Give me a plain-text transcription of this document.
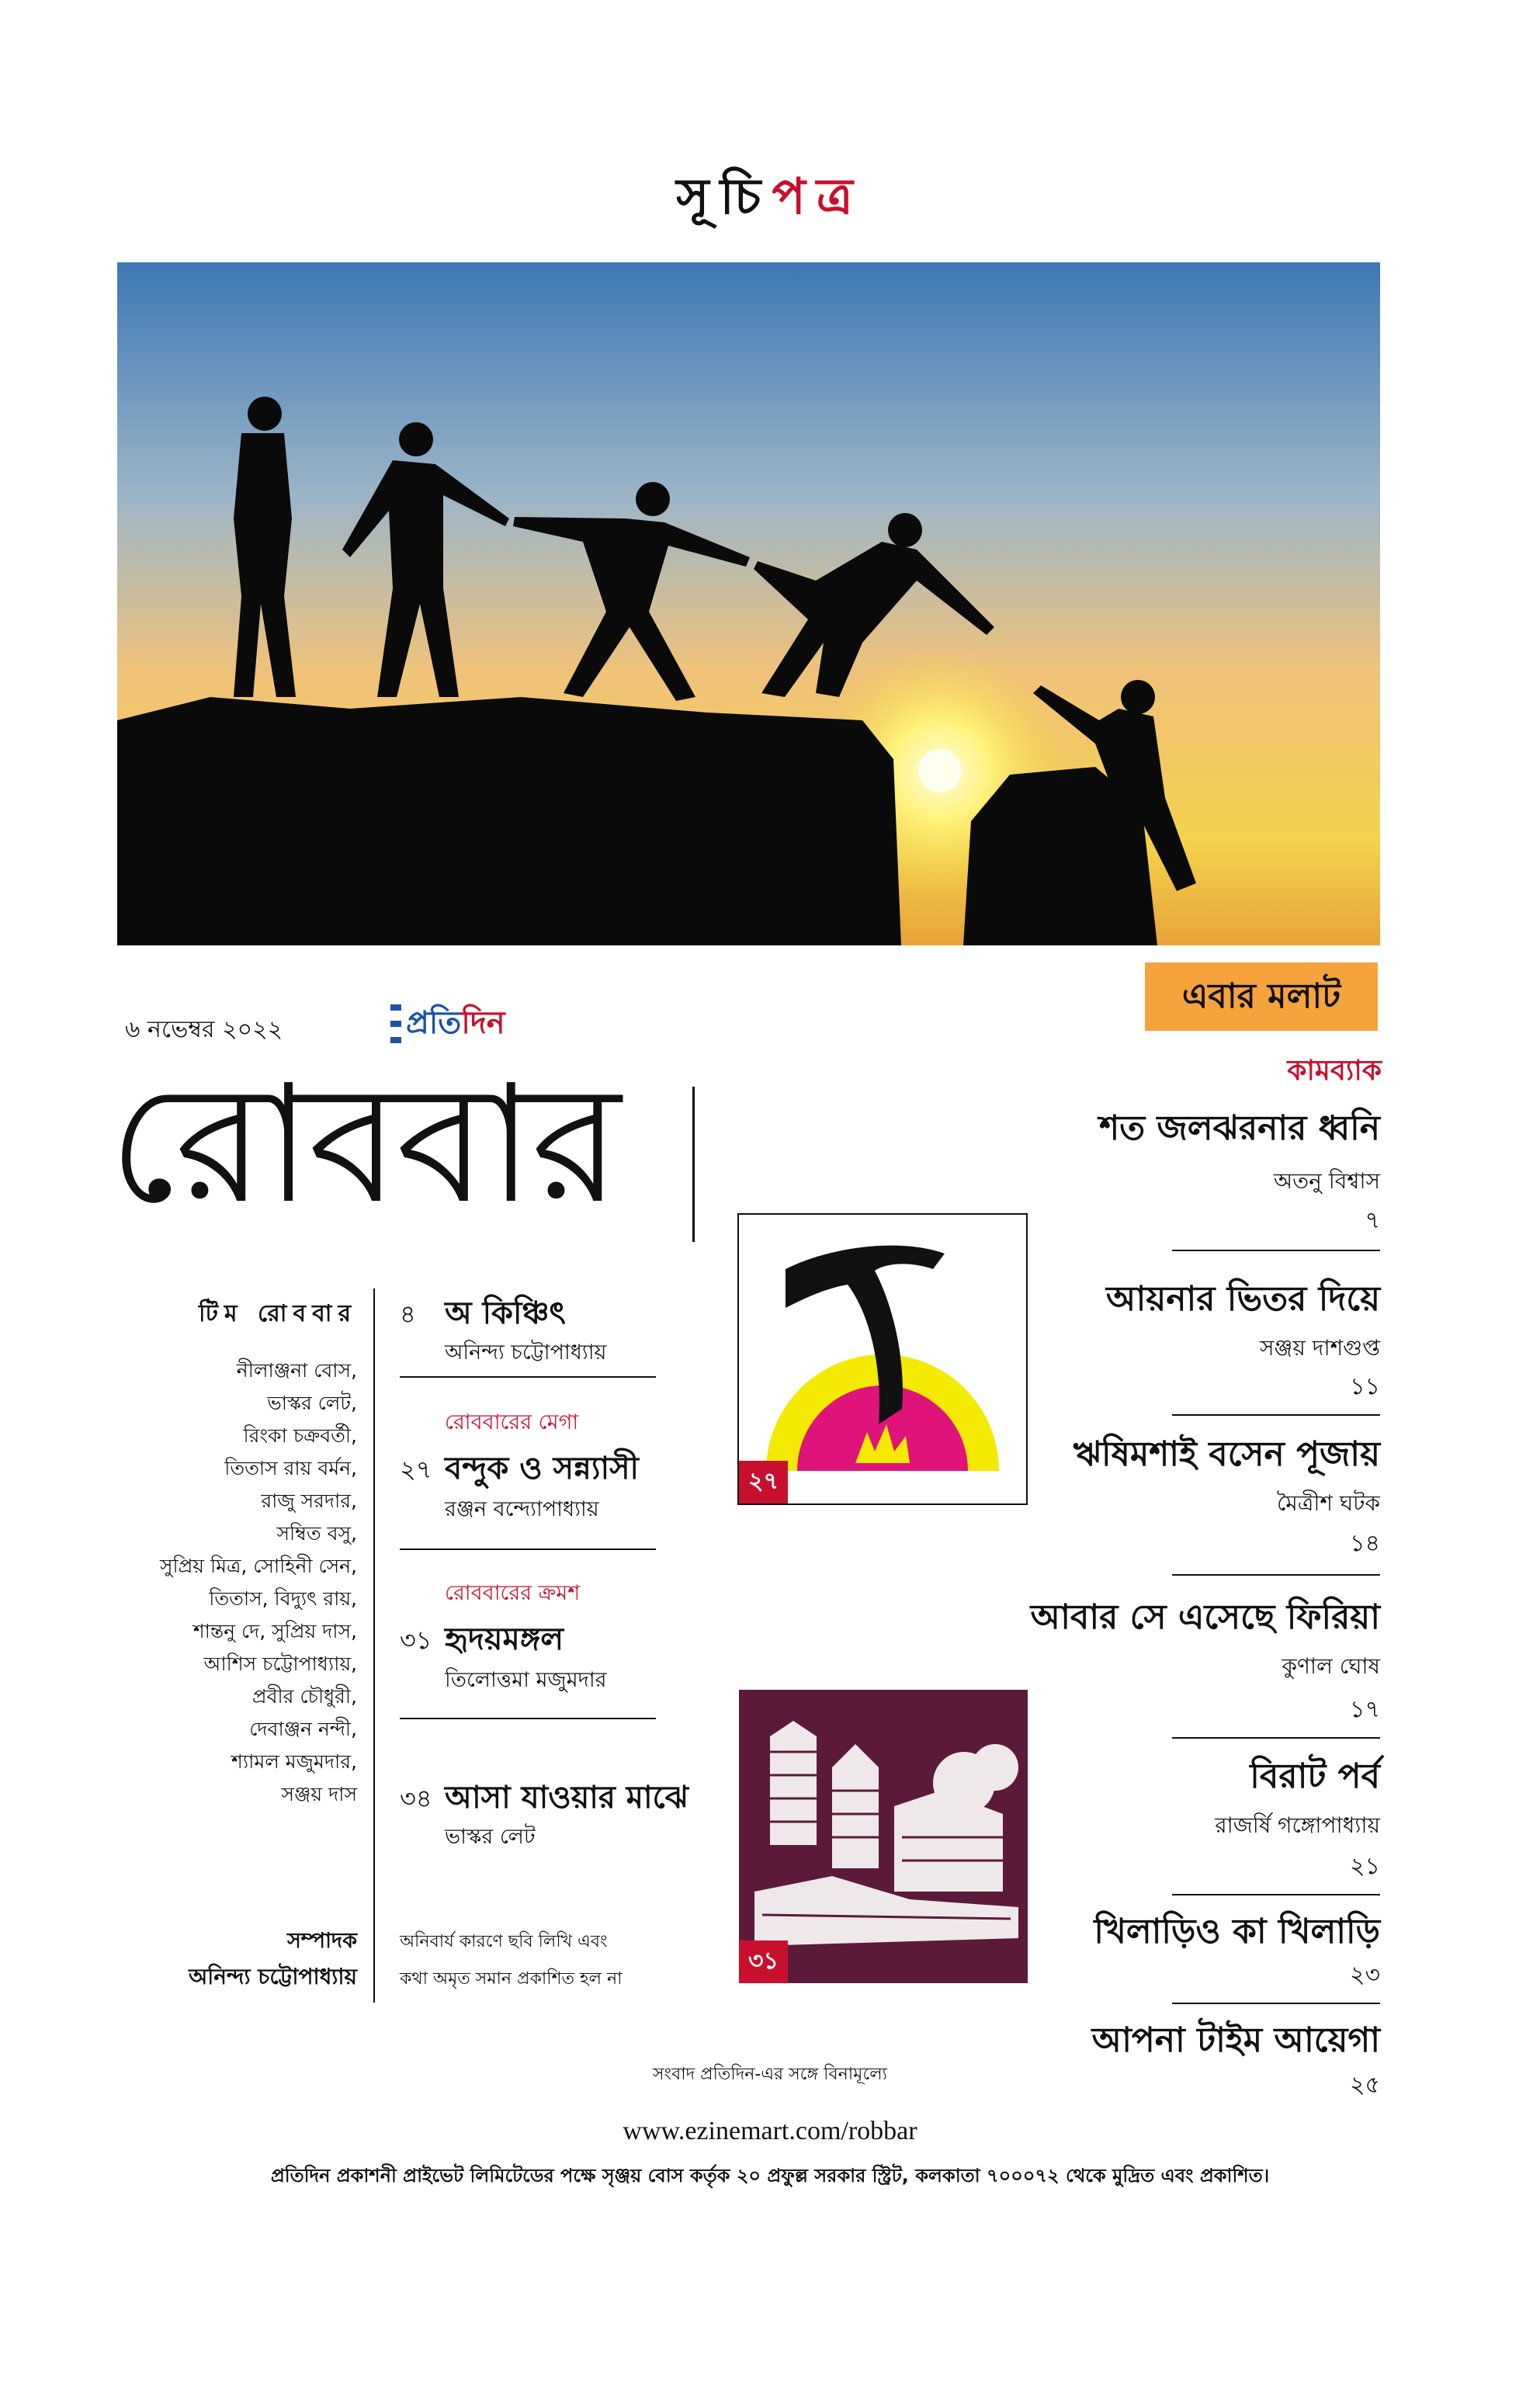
সূচিপত্র
৬ নভেম্বর ২০২২	প্রতিদিন
রোববার
টিম রোববার
নীলাঞ্জনা বোস,
ভাস্কর লেট,
রিংকা চক্রবর্তী,
তিতাস রায় বর্মন,
রাজু সরদার,
সম্বিত বসু,
সুপ্রিয় মিত্র, সোহিনী সেন,
তিতাস, বিদ্যুৎ রায়,
শান্তনু দে, সুপ্রিয় দাস,
আশিস চট্টোপাধ্যায়,
প্রবীর চৌধুরী,
দেবাঞ্জন নন্দী,
শ্যামল মজুমদার,
সঞ্জয় দাস
সম্পাদক
অনিন্দ্য চট্টোপাধ্যায়
৪ অ কিঞ্চিৎ
অনিন্দ্য চট্টোপাধ্যায়
রোববারের মেগা
২৭ বন্দুক ও সন্ন্যাসী
রঞ্জন বন্দ্যোপাধ্যায়
রোববারের ক্রমশ
৩১ হৃদয়মঙ্গল
তিলোত্তমা মজুমদার
৩৪ আসা যাওয়ার মাঝে
ভাস্কর লেট
অনিবার্য কারণে ছবি লিখি এবং
কথা অমৃত সমান প্রকাশিত হল না
২৭
৩১
এবার মলাট
কামব্যাক
শত জলঝরনার ধ্বনি
অতনু বিশ্বাস
৭
আয়নার ভিতর দিয়ে
সঞ্জয় দাশগুপ্ত
১১
ঋষিমশাই বসেন পূজায়
মৈত্রীশ ঘটক
১৪
আবার সে এসেছে ফিরিয়া
কুণাল ঘোষ
১৭
বিরাট পর্ব
রাজর্ষি গঙ্গোপাধ্যায়
২১
খিলাড়িও কা খিলাড়ি
২৩
আপনা টাইম আয়েগা
২৫
সংবাদ প্রতিদিন-এর সঙ্গে বিনামূল্যে
www.ezinemart.com/robbar
প্রতিদিন প্রকাশনী প্রাইভেট লিমিটেডের পক্ষে সৃঞ্জয় বোস কর্তৃক ২০ প্রফুল্ল সরকার স্ট্রিট, কলকাতা ৭০০০৭২ থেকে মুদ্রিত এবং প্রকাশিত।
